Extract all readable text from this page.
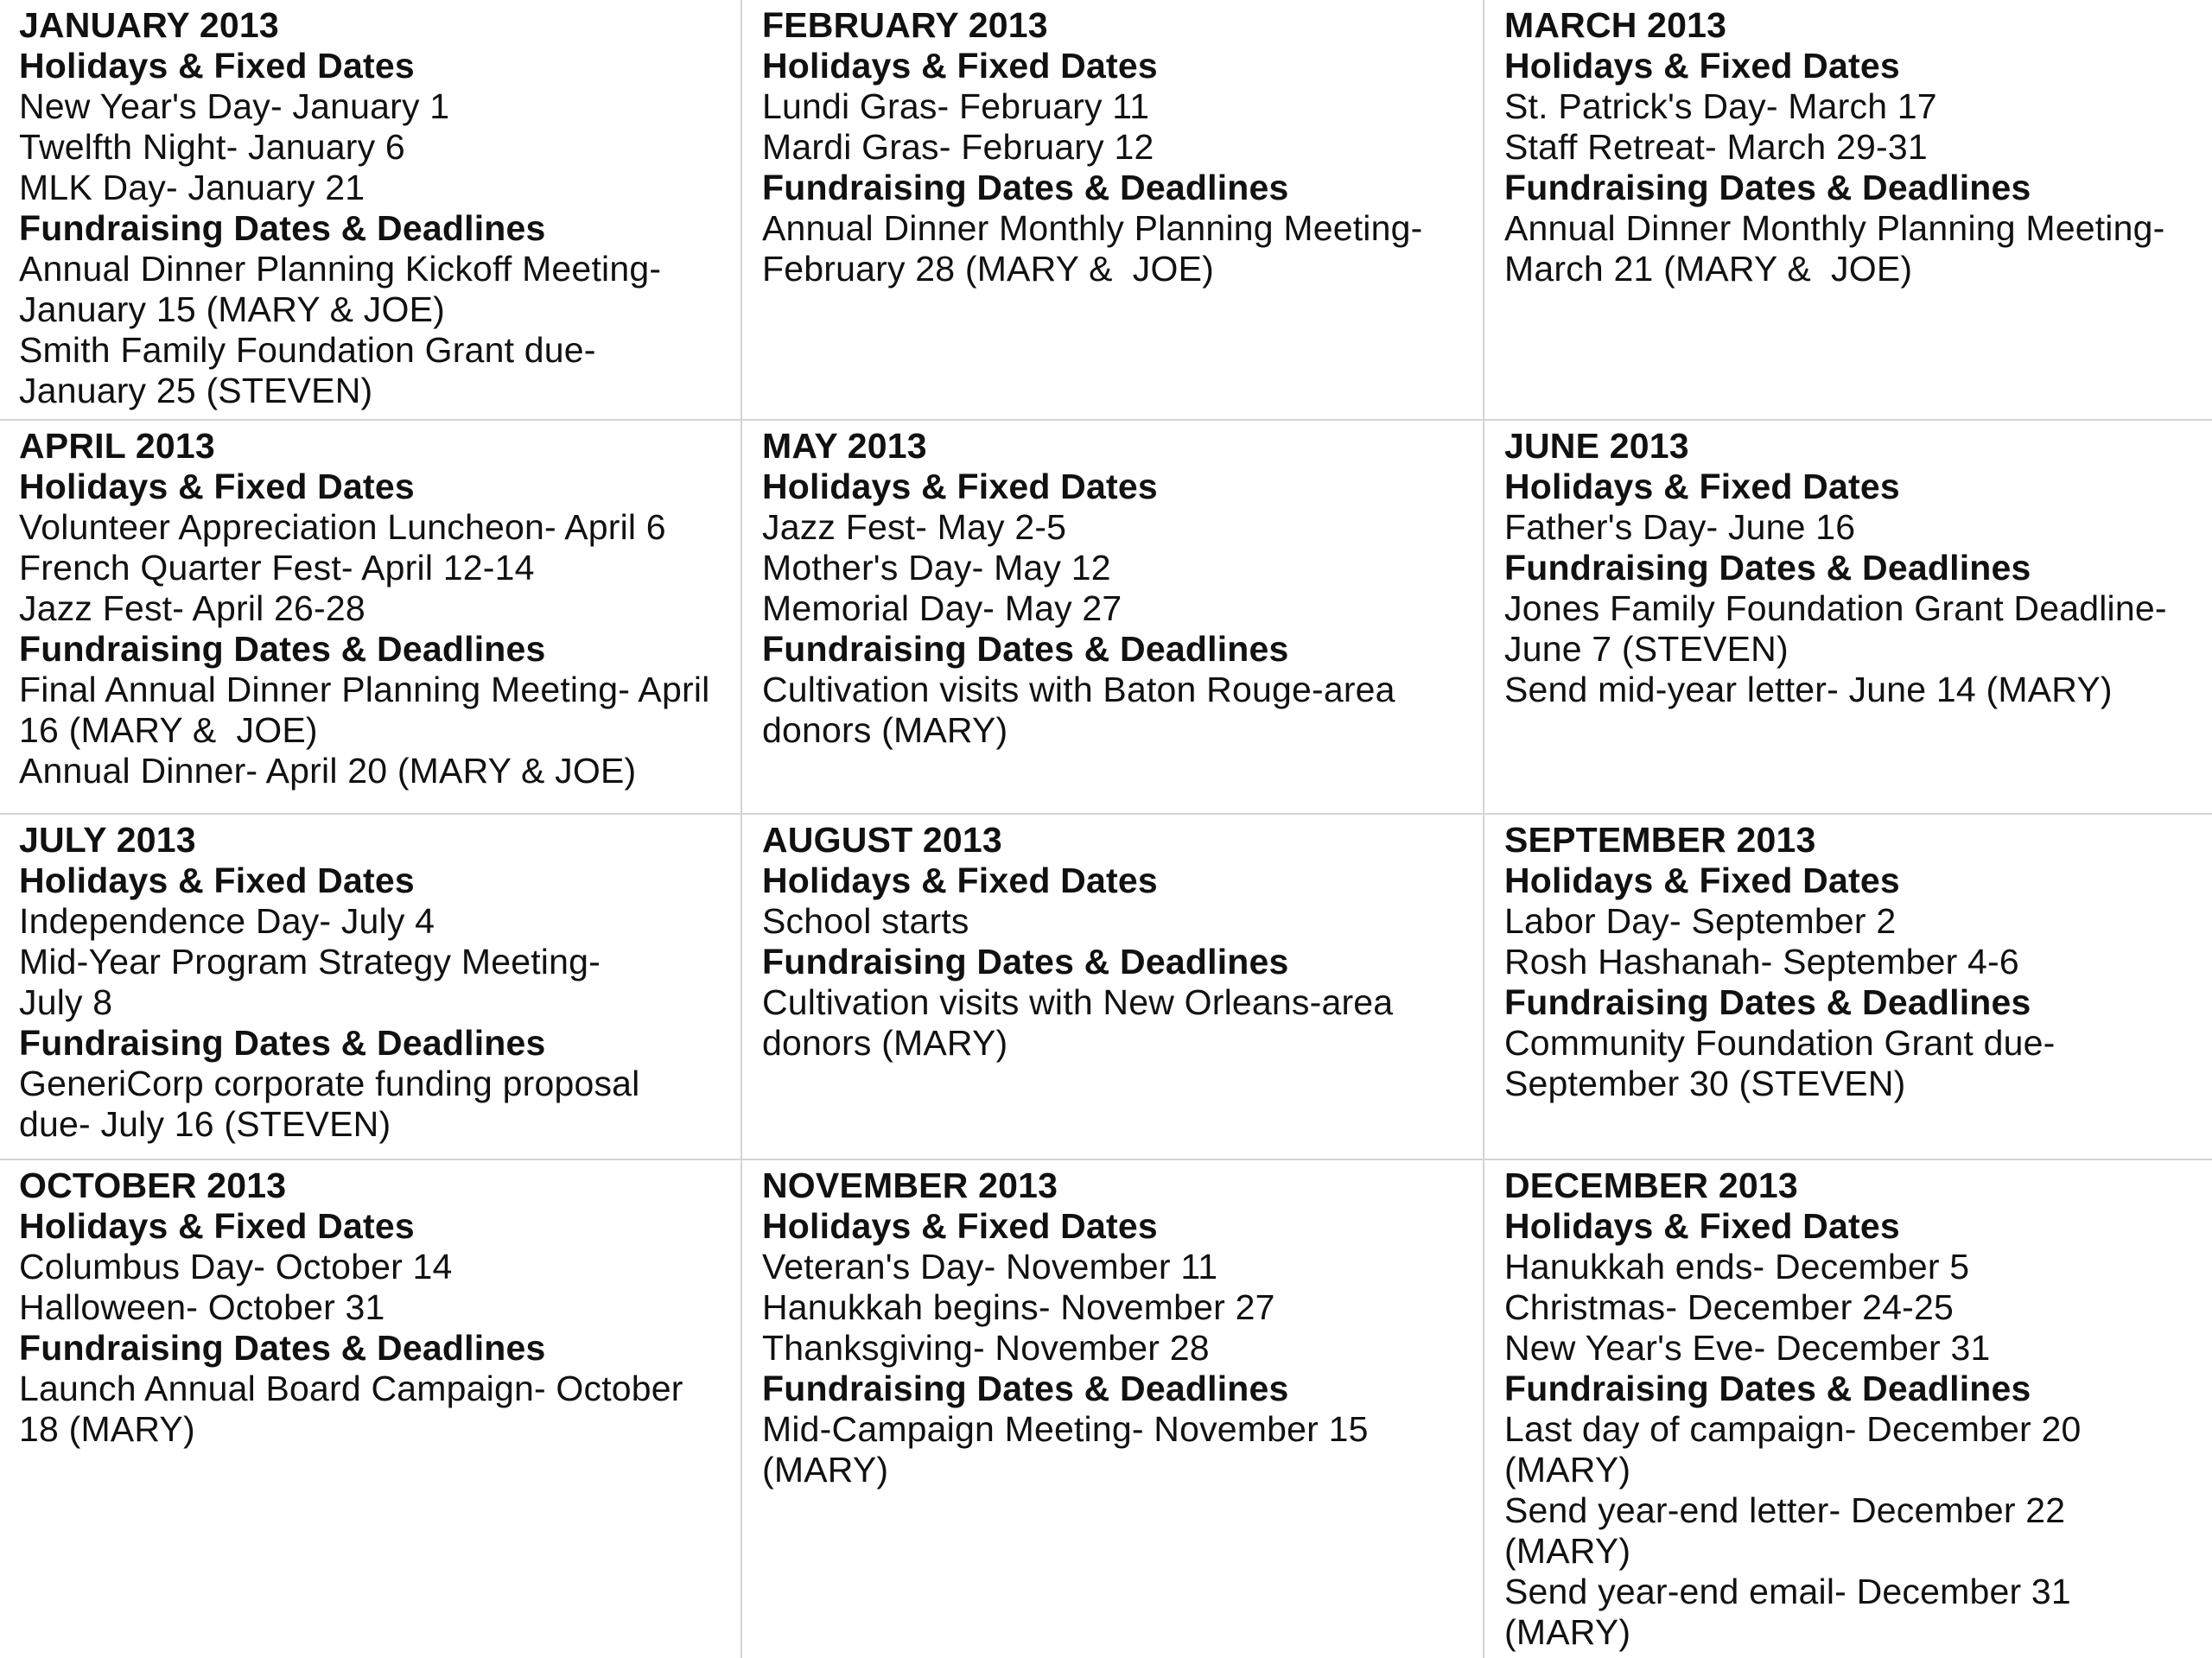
JANUARY 2013
Holidays & Fixed Dates
New Year's Day- January 1
Twelfth Night- January 6
MLK Day- January 21
Fundraising Dates & Deadlines
Annual Dinner Planning Kickoff Meeting-
January 15 (MARY & JOE)
Smith Family Foundation Grant due-
January 25 (STEVEN)
FEBRUARY 2013
Holidays & Fixed Dates
Lundi Gras- February 11
Mardi Gras- February 12
Fundraising Dates & Deadlines
Annual Dinner Monthly Planning Meeting-
February 28 (MARY &  JOE)
MARCH 2013
Holidays & Fixed Dates
St. Patrick's Day- March 17
Staff Retreat- March 29-31
Fundraising Dates & Deadlines
Annual Dinner Monthly Planning Meeting-
March 21 (MARY &  JOE)
APRIL 2013
Holidays & Fixed Dates
Volunteer Appreciation Luncheon- April 6
French Quarter Fest- April 12-14
Jazz Fest- April 26-28
Fundraising Dates & Deadlines
Final Annual Dinner Planning Meeting- April
16 (MARY &  JOE)
Annual Dinner- April 20 (MARY & JOE)
MAY 2013
Holidays & Fixed Dates
Jazz Fest- May 2-5
Mother's Day- May 12
Memorial Day- May 27
Fundraising Dates & Deadlines
Cultivation visits with Baton Rouge-area
donors (MARY)
JUNE 2013
Holidays & Fixed Dates
Father's Day- June 16
Fundraising Dates & Deadlines
Jones Family Foundation Grant Deadline-
June 7 (STEVEN)
Send mid-year letter- June 14 (MARY)
JULY 2013
Holidays & Fixed Dates
Independence Day- July 4
Mid-Year Program Strategy Meeting-
July 8
Fundraising Dates & Deadlines
GeneriCorp corporate funding proposal
due- July 16 (STEVEN)
AUGUST 2013
Holidays & Fixed Dates
School starts
Fundraising Dates & Deadlines
Cultivation visits with New Orleans-area
donors (MARY)
SEPTEMBER 2013
Holidays & Fixed Dates
Labor Day- September 2
Rosh Hashanah- September 4-6
Fundraising Dates & Deadlines
Community Foundation Grant due-
September 30 (STEVEN)
OCTOBER 2013
Holidays & Fixed Dates
Columbus Day- October 14
Halloween- October 31
Fundraising Dates & Deadlines
Launch Annual Board Campaign- October
18 (MARY)
NOVEMBER 2013
Holidays & Fixed Dates
Veteran's Day- November 11
Hanukkah begins- November 27
Thanksgiving- November 28
Fundraising Dates & Deadlines
Mid-Campaign Meeting- November 15
(MARY)
DECEMBER 2013
Holidays & Fixed Dates
Hanukkah ends- December 5
Christmas- December 24-25
New Year's Eve- December 31
Fundraising Dates & Deadlines
Last day of campaign- December 20
(MARY)
Send year-end letter- December 22
(MARY)
Send year-end email- December 31
(MARY)
